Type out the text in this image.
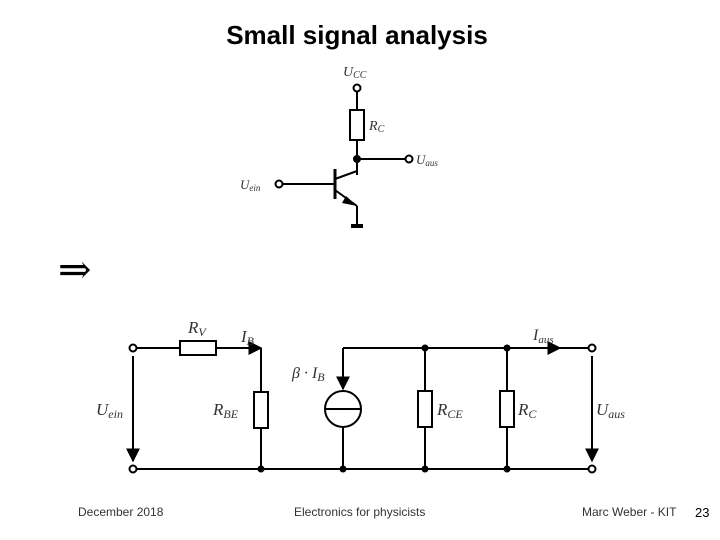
Small signal analysis
UCC
RC
Uaus
Uein
⇒
RV IB
β · IB
RBE	RCE	RC
Iaus
Uein	Uaus
December 2018	Electronics for physicists	Marc Weber - KIT 23
